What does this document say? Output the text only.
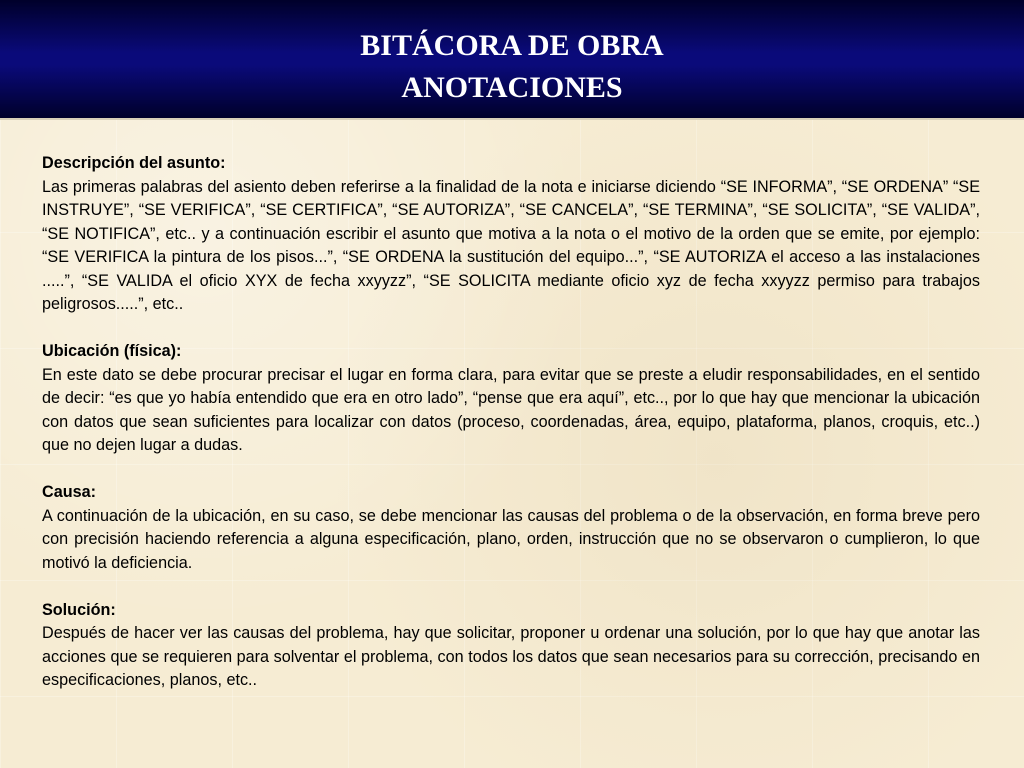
BITÁCORA DE OBRA
ANOTACIONES
Descripción del asunto:

Las primeras palabras del asiento deben referirse a la finalidad de la nota e iniciarse diciendo “SE INFORMA”, “SE ORDENA” “SE INSTRUYE”, “SE VERIFICA”, “SE CERTIFICA”, “SE AUTORIZA”, “SE CANCELA”, “SE TERMINA”, “SE SOLICITA”, “SE VALIDA”, “SE NOTIFICA”, etc.. y a continuación escribir el asunto que motiva a la nota o el motivo de la orden que se emite, por ejemplo: “SE VERIFICA la pintura de los pisos...”, “SE ORDENA la sustitución del equipo...”, “SE AUTORIZA el acceso a las instalaciones .....”, “SE VALIDA el oficio XYX de fecha xxyyzz”, “SE SOLICITA mediante oficio xyz de fecha xxyyzz permiso para trabajos peligrosos.....”, etc..

Ubicación (física):

En este dato se debe procurar precisar el lugar en forma clara, para evitar que se preste a eludir responsabilidades, en el sentido de decir: “es que yo había entendido que era en otro lado”, “pense que era aquí”, etc.., por lo que hay que mencionar la ubicación con datos que sean suficientes para localizar con datos (proceso, coordenadas, área, equipo, plataforma, planos, croquis, etc..) que no dejen lugar a dudas.

Causa:

A continuación de la ubicación, en su caso, se debe mencionar las causas del problema o de la observación, en forma breve pero con precisión haciendo referencia a alguna especificación, plano, orden, instrucción que no se observaron o cumplieron, lo que motivó la deficiencia.

Solución:

Después de hacer ver las causas del problema, hay que solicitar, proponer u ordenar una solución, por lo que hay que anotar las acciones que se requieren para solventar el problema, con todos los datos que sean necesarios para su corrección, precisando en especificaciones, planos, etc..
